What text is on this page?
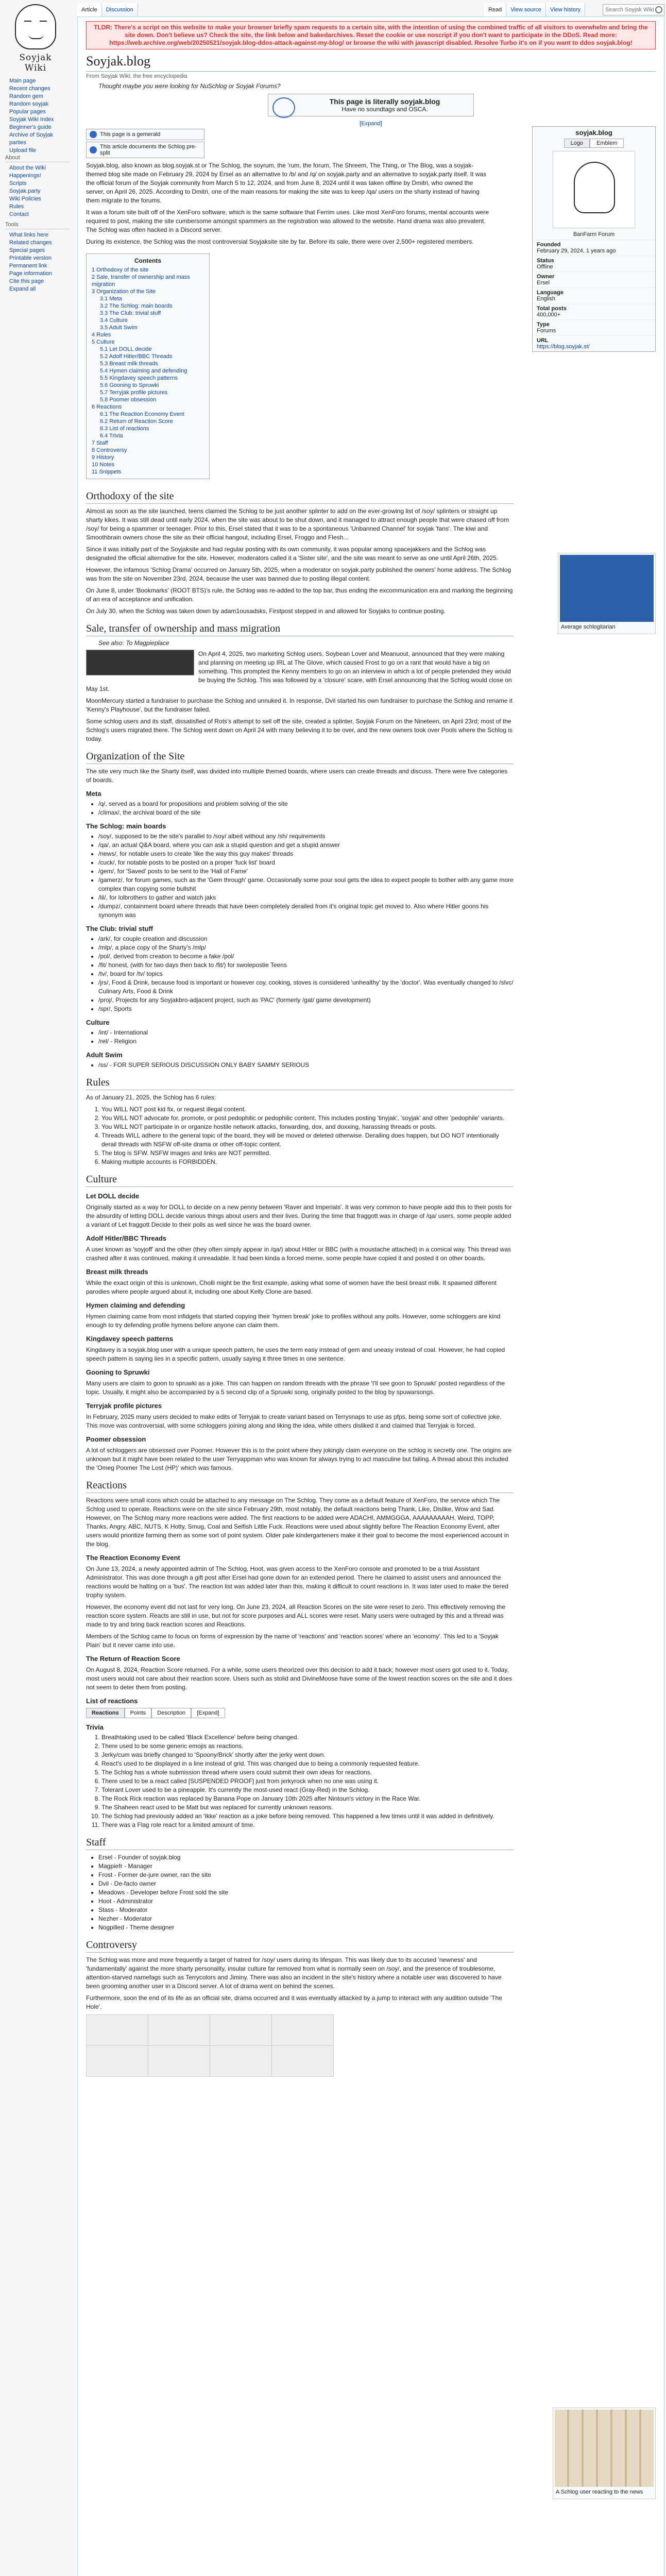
Soyjak Wiki
Main page
Recent changes
Random gem
Random soyjak
Popular pages
Soyjak Wiki Index
Beginner's guide
Archive of Soyjak parties
Upload file
About
About the Wiki
Happenings!
Scripts
Soyjak.party
Wiki Policies
Rules
Contact
Tools
What links here
Related changes
Special pages
Printable version
Permanent link
Page information
Cite this page
Expand all
Article	Discussion	Read	View source	View history
Search Soyjak Wiki
TLDR: There's a script on this website to make your browser briefly spam requests to a certain site, with the intention of using the combined traffic of all visitors to overwhelm and bring the site down. Don't believe us? Check the site, the link below and bakedarchives. Reset the cookie or use noscript if you don't want to participate in the DDoS. Read more: https://web.archive.org/web/20250521/soyjak.blog-ddos-attack-against-my-blog/ or browse the wiki with javascript disabled. Resolve Turbo it's on if you want to ddos soyjak.blog!
Soyjak.blog
From Soyjak Wiki, the free encyclopedia
Thought maybe you were looking for NuSchlog or Soyjak Forums?
This page is literally soyjak.blog
Have no soundtags and OSCA.
[Expand]
This page is a gemerald
This article documents the Schlog pre-split

Soyjak.blog, also known as blog.soyjak.st or The Schlog, the soyrum, the 'rum, the forum, The Shreem, The Thing, or The Blog, was a soyjak-themed blog site made on February 29, 2024 by Ersel as an alternative to /b/ and /q/ on soyjak.party and an alternative to soyjak.party itself. It was the official forum of the Soyjak community from March 5 to 12, 2024, and from June 8, 2024 until it was taken offline by Dmitri, who owned the server, on April 26, 2025. According to Dmitri, one of the main reasons for making the site was to keep /qa/ users on the sharty instead of having them migrate to the forums.

It was a forum site built off of the XenForo software, which is the same software that Ferrim uses. Like most XenForo forums, mental accounts were required to post, making the site cumbersome amongst spammers as the registration was allowed to the website. Hand drama was also prevalent. The Schlog was often hacked in a Discord server.

During its existence, the Schlog was the most controversial Soyjaksite site by far. Before its sale, there were over 2,500+ registered members.

Contents
1 Orthodoxy of the site
2 Sale, transfer of ownership and mass migration
3 Organization of the Site
3.1 Meta
3.2 The Schlog: main boards
3.3 The Club: trivial stuff
3.4 Culture
3.5 Adult Swim
4 Rules
5 Culture
5.1 Let DOLL decide
5.2 Adolf Hitler/BBC Threads
5.3 Breast milk threads
5.4 Hymen claiming and defending
5.5 Kingdavey speech patterns
5.6 Gooning to Spruwki
5.7 Terryjak profile pictures
5.8 Poomer obsession
6 Reactions
6.1 The Reaction Economy Event
6.2 Return of Reaction Score
6.3 List of reactions
6.4 Trivia
7 Staff
8 Controversy
9 History
10 Notes
11 Snippets
soyjak.blog
Logo	Emblem
BanFarm Forum
Founded
February 29, 2024, 1 years ago
Status
Offline
Owner
Ersel
Language
English
Total posts
400,000+
Type
Forums
URL
https://blog.soyjak.st/
Average schlogitarian
Orthodoxy of the site

Almost as soon as the site launched, teens claimed the Schlog to be just another splinter to add on the ever-growing list of /soy/ splinters or straight up sharty kikes. It was still dead until early 2024, when the site was about to be shut down, and it managed to attract enough people that were chased off from /soy/ for being a spammer or teenager. Prior to this, Ersel stated that it was to be a spontaneous 'Unbanned Channel' for soyjak 'fans'. The kiwi and Smoothbrain owners chose the site as their official hangout, including Ersel, Froggo and Flesh...

Since it was initially part of the Soyjaksite and had regular posting with its own community, it was popular among spacejakkers and the Schlog was designated the official alternative for the site. However, moderators called it a 'Sister site', and the site was meant to serve as one until April 26th, 2025.

However, the infamous 'Schlog Drama' occurred on January 5th, 2025, when a moderator on soyjak.party published the owners' home address. The Schlog was from the site on November 23rd, 2024, because the user was banned due to posting illegal content.

On June 8, under 'Bookmarks' (ROOT BTS)'s rule, the Schlog was re-added to the top bar, thus ending the excommunication era and marking the beginning of an era of acceptance and unification.

On July 30, when the Schlog was taken down by adam1ousadsks, Firstpost stepped in and allowed for Soyjaks to continue posting.

Sale, transfer of ownership and mass migration
See also: To Magpieplace

On April 4, 2025, two marketing Schlog users, Soybean Lover and Meanuout, announced that they were making and planning on meeting up IRL at The Glove, which caused Frost to go on a rant that would have a big on something. This prompted the Kenny members to go on an interview in which a lot of people pretended they would be buying the Schlog. This was followed by a 'closure' scare, with Ersel announcing that the Schlog would close on May 1st.

MoonMercury started a fundraiser to purchase the Schlog and unnuked it. In response, Dvil started his own fundraiser to purchase the Schlog and rename it 'Kenny's Playhouse', but the fundraiser failed.

Some schlog users and its staff, dissatisfied of Rots's attempt to sell off the site, created a splinter, Soyjak Forum on the Nineteen, on April 23rd; most of the Schlog's users migrated there. The Schlog went down on April 24 with many believing it to be over, and the new owners took over Pools where the Schlog is today.

Organization of the Site

The site very much like the Sharty itself, was divided into multiple themed boards, where users can create threads and discuss. There were five categories of boards.

Meta
• /q/, served as a board for propositions and problem solving of the site
• /climax/, the archival board of the site
The Schlog: main boards
• /soy/, supposed to be the site's parallel to /soy/ albeit without any /sh/ requirements
• /qa/, an actual Q&A board, where you can ask a stupid question and get a stupid answer
• /news/, for notable users to create 'like the way this guy makes' threads
• /cuck/, for notable posts to be posted on a proper 'fuck list' board
• /gem/, for 'Saved' posts to be sent to the 'Hall of Fame'
• /gamerz/, for forum games, such as the 'Gem through' game. Occasionally some pour soul gets the idea to expect people to bother with any game more complex than copying some bullshit
• /lil/, for lolbrothers to gather and watch jaks
• /dumpz/, containment board where threads that have been completely derailed from it's original topic get moved to. Also where Hitler goons his synonym was
The Club: trivial stuff
• /ark/, for couple creation and discussion
• /mlp/, a place copy of the Sharty's /mlp/
• /pol/, derived from creation to become a fake /pol/
• /fit/ honest, (with for two days then back to /fit/) for swolepostie Teens
• /tv/, board for /tv/ topics
• /jrs/, Food & Drink, because food is important or however coy, cooking, stoves is considered 'unhealthy' by the 'doctor'. Was eventually changed to /slvc/ Culinary Arts, Food & Drink
• /proj/, Projects for any Soyjakbro-adjacent project, such as 'PAC' (formerly /gat/ game development)
• /spr/, Sports
Culture
• /int/ - International
• /rel/ - Religion
Adult Swim
• /ss/ - FOR SUPER SERIOUS DISCUSSION ONLY BABY SAMMY SERIOUS
Rules

As of January 21, 2025, the Schlog has 6 rules:

1. You WILL NOT post kid fix, or request illegal content.
2. You WILL NOT advocate for, promote, or post pedophilic or pedophilic content. This includes posting 'tinyjak', 'soyjak' and other 'pedophile' variants.
3. You WILL NOT participate in or organize hostile network attacks, forwarding, dox, and doxxing, harassing threads or posts.
4. Threads WILL adhere to the general topic of the board, they will be moved or deleted otherwise. Derailing does happen, but DO NOT intentionally derail threads with NSFW off-site drama or other off-topic content.
5. The blog is SFW. NSFW images and links are NOT permitted.
6. Making multiple accounts is FORBIDDEN.
Culture
Let DOLL decide

Originally started as a way for DOLL to decide on a new penny between 'Raver and Imperials'. It was very common to have people add this to their posts for the absurdity of letting DOLL decide various things about users and their lives. During the time that fraggott was in charge of /qa/ users, some people added a variant of Let fraggott Decide to their polls as well since he was the board owner.

Adolf Hitler/BBC Threads

A user known as 'soyjoff' and the other (they often simply appear in /qa/) about Hitler or BBC (with a moustache attached) in a comical way. This thread was crashed after it was continued, making it unreadable. It had been kinda a forced meme, some people have copied it and posted it on other boards.

Breast milk threads

While the exact origin of this is unknown, Cholli might be the first example, asking what some of women have the best breast milk. It spawned different parodies where people argued about it, including one about Kelly Clone are based.

Hymen claiming and defending

Hymen claiming came from most infidgets that started copying their 'hymen break' joke to profiles without any polls. However, some schloggers are kind enough to try defending profile hymens before anyone can claim them.

Kingdavey speech patterns

Kingdavey is a soyjak.blog user with a unique speech pattern, he uses the term easy instead of gem and uneasy instead of coal. However, he had copied speech pattern is saying lies in a specific pattern, usually saying it three times in one sentence.

Gooning to Spruwki

Many users are claim to goon to spruwki as a joke. This can happen on random threads with the phrase 'I'll see goon to Spruwki' posted regardless of the topic. Usually, it might also be accompanied by a 5 second clip of a Spruwki song, originally posted to the blog by spuwarsongs.

Terryjak profile pictures

In February, 2025 many users decided to make edits of Terryjak to create variant based on Terrysnaps to use as pfps, being some sort of collective joke. This move was controversial, with some schloggers joining along and liking the idea, while others disliked it and claimed that Terryjak is forced.

Poomer obsession

A lot of schloggers are obsessed over Poomer. However this is to the point where they jokingly claim everyone on the schlog is secretly one. The origins are unknown but it might have been related to the user Terryappman who was known for always trying to act masculine but failing. A thread about this included the 'Omeg Poomer The Lost (HP)' which was famous.

Reactions

Reactions were small icons which could be attached to any message on The Schlog. They come as a default feature of XenForo, the service which The Schlog used to operate. Reactions were on the site since February 29th, most notably, the default reactions being Thank, Like, Dislike, Wow and Sad. However, on The Schlog many more reactions were added. The first reactions to be added were ADACHI, AMMGGGA, AAAAAAAAAH, Weird, TOPP, Thanks, Angry, ABC, NUTS, K Hotty, Smug, Coal and Selfish Little Fuck. Reactions were used about slightly before The Reaction Economy Event, after users would prioritize farming them as some sort of point system. Older pale kindergarteners make it their goal to become the most experienced account in the blog.

The Reaction Economy Event

On June 13, 2024, a newly appointed admin of The Schlog, Hoot, was given access to the XenForo console and promoted to be a trial Assistant Administrator. This was done through a gift post after Ersel had gone down for an extended period. There he claimed to assist users and announced the reactions would be halting on a 'bus'. The reaction list was added later than this, making it difficult to count reactions in. It was later used to make the tiered trophy system.

However, the economy event did not last for very long. On June 23, 2024, all Reaction Scores on the site were reset to zero. This effectively removing the reaction score system. Reacts are still in use, but not for score purposes and ALL scores were reset. Many users were outraged by this and a thread was made to try and bring back reaction scores and Reactions.

Members of the Schlog came to focus on forms of expression by the name of 'reactions' and 'reaction scores' where an 'economy'. This led to a 'Soyjak Plain' but it never came into use.

The Return of Reaction Score

On August 8, 2024, Reaction Score returned. For a while, some users theorized over this decision to add it back; however most users got used to it. Today, most users would not care about their reaction score. Users such as stolid and DivineMoose have some of the lowest reaction scores on the site and it does not seem to deter them from posting.

List of reactions
Reactions	Points	Description	[Expand]
Trivia
1. Breathtaking used to be called 'Black Excellence' before being changed.
2. There used to be some generic emojis as reactions.
3. Jerky/cum was briefly changed to 'Spoony/Brick' shortly after the jerky went down.
4. React's used to be displayed in a line instead of grid. This was changed due to being a commonly requested feature.
5. The Schlog has a whole submission thread where users could submit their own ideas for reactions.
6. There used to be a react called [SUSPENDED PROOF] just from jerkyrock when no one was using it.
7. Tolerant Lover used to be a pineapple. It's currently the most-used react (Gray-Red) in the Schlog.
8. The Rock Rick reaction was replaced by Banana Pope on January 10th 2025 after Nintoun's victory in the Race War.
9. The Shaheen react used to be Matt but was replaced for currently unknown reasons.
10. The Schlog had previously added an 'Ikke' reaction as a joke before being removed. This happened a few times until it was added in definitively.
11. There was a Flag role react for a limited amount of time.
Staff
• Ersel - Founder of soyjak.blog
• Magpiefr - Manager
• Frost - Former de-jure owner, ran the site
• Dvil - De-facto owner
• Meadows - Developer before Frost sold the site
• Hoot - Administrator
• Stass - Moderator
• Nezher - Moderator
• Nogpilled - Theme designer
Controversy

The Schlog was more and more frequently a target of hatred for /soy/ users during its lifespan. This was likely due to its accused 'newness' and 'fundamentally' against the more sharty personality, insular culture far removed from what is normally seen on /soy/, and the presence of troublesome, attention-starved namefags such as Terrycolors and Jiminy. There was also an incident in the site's history where a notable user was discovered to have been grooming another user in a Discord server. A lot of drama went on behind the scenes.

Furthermore, soon the end of its life as an official site, drama occurred and it was eventually attacked by a jump to interact with any audition outside 'The Hole'.

A Schlog user reacting to the news
